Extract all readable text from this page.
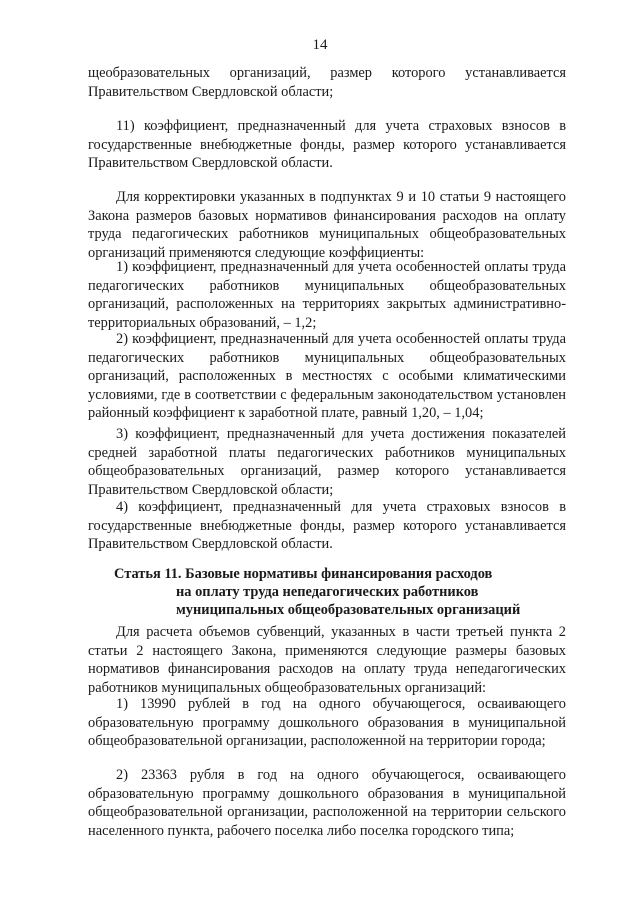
14

щеобразовательных организаций, размер которого устанавливается Правительством Свердловской области;

11) коэффициент, предназначенный для учета страховых взносов в государственные внебюджетные фонды, размер которого устанавливается Правительством Свердловской области.

Для корректировки указанных в подпунктах 9 и 10 статьи 9 настоящего Закона размеров базовых нормативов финансирования расходов на оплату труда педагогических работников муниципальных общеобразовательных организаций применяются следующие коэффициенты:

1) коэффициент, предназначенный для учета особенностей оплаты труда педагогических работников муниципальных общеобразовательных организаций, расположенных на территориях закрытых административно-территориальных образований, – 1,2;

2) коэффициент, предназначенный для учета особенностей оплаты труда педагогических работников муниципальных общеобразовательных организаций, расположенных в местностях с особыми климатическими условиями, где в соответствии с федеральным законодательством установлен районный коэффициент к заработной плате, равный 1,20, – 1,04;

3) коэффициент, предназначенный для учета достижения показателей средней заработной платы педагогических работников муниципальных общеобразовательных организаций, размер которого устанавливается Правительством Свердловской области;

4) коэффициент, предназначенный для учета страховых взносов в государственные внебюджетные фонды, размер которого устанавливается Правительством Свердловской области.

Статья 11. Базовые нормативы финансирования расходов
на оплату труда непедагогических работников
муниципальных общеобразовательных организаций

Для расчета объемов субвенций, указанных в части третьей пункта 2 статьи 2 настоящего Закона, применяются следующие размеры базовых нормативов финансирования расходов на оплату труда непедагогических работников муниципальных общеобразовательных организаций:

1) 13990 рублей в год на одного обучающегося, осваивающего образовательную программу дошкольного образования в муниципальной общеобразовательной организации, расположенной на территории города;

2) 23363 рубля в год на одного обучающегося, осваивающего образовательную программу дошкольного образования в муниципальной общеобразовательной организации, расположенной на территории сельского населенного пункта, рабочего поселка либо поселка городского типа;
